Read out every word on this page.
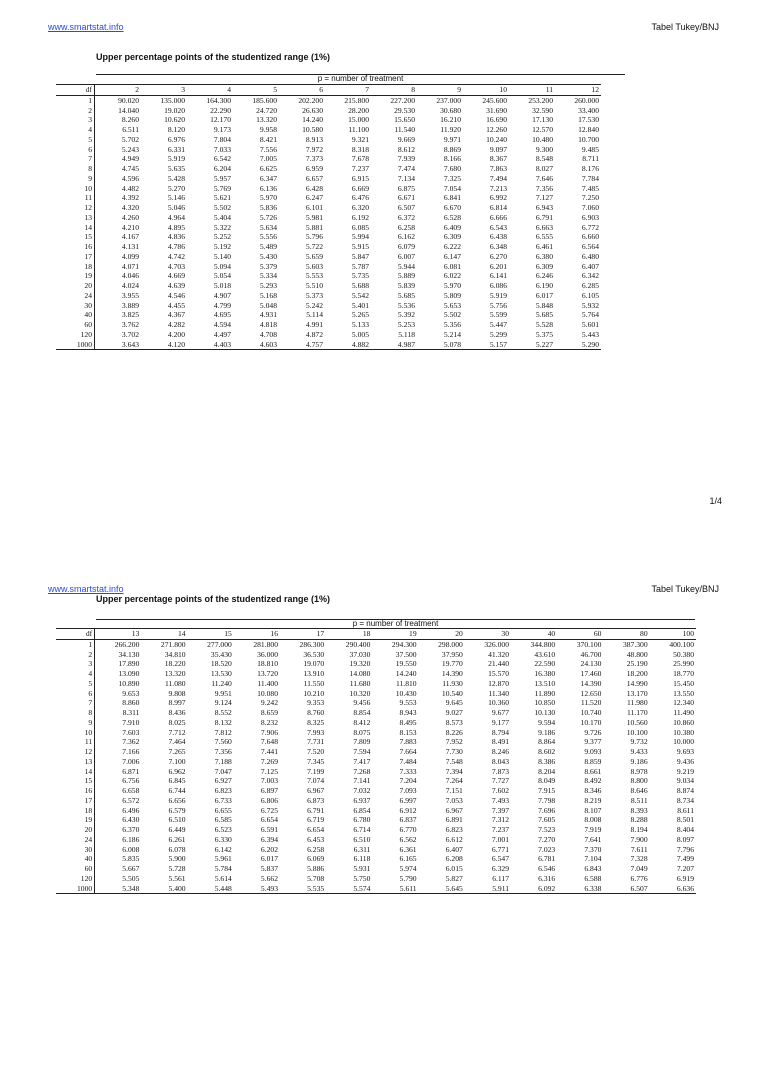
www.smartstat.info	Tabel Tukey/BNJ
Upper percentage points of the studentized range (1%)
p = number of treatment
df	2	3	4	5	6	7	8	9	10	11	12
1	90.020	135.000	164.300	185.600	202.200	215.800	227.200	237.000	245.600	253.200	260.000
2	14.040	19.020	22.290	24.720	26.630	28.200	29.530	30.680	31.690	32.590	33.400
3	8.260	10.620	12.170	13.320	14.240	15.000	15.650	16.210	16.690	17.130	17.530
4	6.511	8.120	9.173	9.958	10.580	11.100	11.540	11.920	12.260	12.570	12.840
5	5.702	6.976	7.804	8.421	8.913	9.321	9.669	9.971	10.240	10.480	10.700
6	5.243	6.331	7.033	7.556	7.972	8.318	8.612	8.869	9.097	9.300	9.485
7	4.949	5.919	6.542	7.005	7.373	7.678	7.939	8.166	8.367	8.548	8.711
8	4.745	5.635	6.204	6.625	6.959	7.237	7.474	7.680	7.863	8.027	8.176
9	4.596	5.428	5.957	6.347	6.657	6.915	7.134	7.325	7.494	7.646	7.784
10	4.482	5.270	5.769	6.136	6.428	6.669	6.875	7.054	7.213	7.356	7.485
11	4.392	5.146	5.621	5.970	6.247	6.476	6.671	6.841	6.992	7.127	7.250
12	4.320	5.046	5.502	5.836	6.101	6.320	6.507	6.670	6.814	6.943	7.060
13	4.260	4.964	5.404	5.726	5.981	6.192	6.372	6.528	6.666	6.791	6.903
14	4.210	4.895	5.322	5.634	5.881	6.085	6.258	6.409	6.543	6.663	6.772
15	4.167	4.836	5.252	5.556	5.796	5.994	6.162	6.309	6.438	6.555	6.660
16	4.131	4.786	5.192	5.489	5.722	5.915	6.079	6.222	6.348	6.461	6.564
17	4.099	4.742	5.140	5.430	5.659	5.847	6.007	6.147	6.270	6.380	6.480
18	4.071	4.703	5.094	5.379	5.603	5.787	5.944	6.081	6.201	6.309	6.407
19	4.046	4.669	5.054	5.334	5.553	5.735	5.889	6.022	6.141	6.246	6.342
20	4.024	4.639	5.018	5.293	5.510	5.688	5.839	5.970	6.086	6.190	6.285
24	3.955	4.546	4.907	5.168	5.373	5.542	5.685	5.809	5.919	6.017	6.105
30	3.889	4.455	4.799	5.048	5.242	5.401	5.536	5.653	5.756	5.848	5.932
40	3.825	4.367	4.695	4.931	5.114	5.265	5.392	5.502	5.599	5.685	5.764
60	3.762	4.282	4.594	4.818	4.991	5.133	5.253	5.356	5.447	5.528	5.601
120	3.702	4.200	4.497	4.708	4.872	5.005	5.118	5.214	5.299	5.375	5.443
1000	3.643	4.120	4.403	4.603	4.757	4.882	4.987	5.078	5.157	5.227	5.290
1/4
www.smartstat.info	Tabel Tukey/BNJ
Upper percentage points of the studentized range (1%)
p = number of treatment
df	13	14	15	16	17	18	19	20	30	40	60	80	100
1	266.200	271.800	277.000	281.800	286.300	290.400	294.300	298.000	326.000	344.800	370.100	387.300	400.100
2	34.130	34.810	35.430	36.000	36.530	37.030	37.500	37.950	41.320	43.610	46.700	48.800	50.380
3	17.890	18.220	18.520	18.810	19.070	19.320	19.550	19.770	21.440	22.590	24.130	25.190	25.990
4	13.090	13.320	13.530	13.720	13.910	14.080	14.240	14.390	15.570	16.380	17.460	18.200	18.770
5	10.890	11.080	11.240	11.400	11.550	11.680	11.810	11.930	12.870	13.510	14.390	14.990	15.450
6	9.653	9.808	9.951	10.080	10.210	10.320	10.430	10.540	11.340	11.890	12.650	13.170	13.550
7	8.860	8.997	9.124	9.242	9.353	9.456	9.553	9.645	10.360	10.850	11.520	11.980	12.340
8	8.311	8.436	8.552	8.659	8.760	8.854	8.943	9.027	9.677	10.130	10.740	11.170	11.490
9	7.910	8.025	8.132	8.232	8.325	8.412	8.495	8.573	9.177	9.594	10.170	10.560	10.860
10	7.603	7.712	7.812	7.906	7.993	8.075	8.153	8.226	8.794	9.186	9.726	10.100	10.380
11	7.362	7.464	7.560	7.648	7.731	7.809	7.883	7.952	8.491	8.864	9.377	9.732	10.000
12	7.166	7.265	7.356	7.441	7.520	7.594	7.664	7.730	8.246	8.602	9.093	9.433	9.693
13	7.006	7.100	7.188	7.269	7.345	7.417	7.484	7.548	8.043	8.386	8.859	9.186	9.436
14	6.871	6.962	7.047	7.125	7.199	7.268	7.333	7.394	7.873	8.204	8.661	8.978	9.219
15	6.756	6.845	6.927	7.003	7.074	7.141	7.204	7.264	7.727	8.049	8.492	8.800	9.034
16	6.658	6.744	6.823	6.897	6.967	7.032	7.093	7.151	7.602	7.915	8.346	8.646	8.874
17	6.572	6.656	6.733	6.806	6.873	6.937	6.997	7.053	7.493	7.798	8.219	8.511	8.734
18	6.496	6.579	6.655	6.725	6.791	6.854	6.912	6.967	7.397	7.696	8.107	8.393	8.611
19	6.430	6.510	6.585	6.654	6.719	6.780	6.837	6.891	7.312	7.605	8.008	8.288	8.501
20	6.370	6.449	6.523	6.591	6.654	6.714	6.770	6.823	7.237	7.523	7.919	8.194	8.404
24	6.186	6.261	6.330	6.394	6.453	6.510	6.562	6.612	7.001	7.270	7.641	7.900	8.097
30	6.008	6.078	6.142	6.202	6.258	6.311	6.361	6.407	6.771	7.023	7.370	7.611	7.796
40	5.835	5.900	5.961	6.017	6.069	6.118	6.165	6.208	6.547	6.781	7.104	7.328	7.499
60	5.667	5.728	5.784	5.837	5.886	5.931	5.974	6.015	6.329	6.546	6.843	7.049	7.207
120	5.505	5.561	5.614	5.662	5.708	5.750	5.790	5.827	6.117	6.316	6.588	6.776	6.919
1000	5.348	5.400	5.448	5.493	5.535	5.574	5.611	5.645	5.911	6.092	6.338	6.507	6.636
